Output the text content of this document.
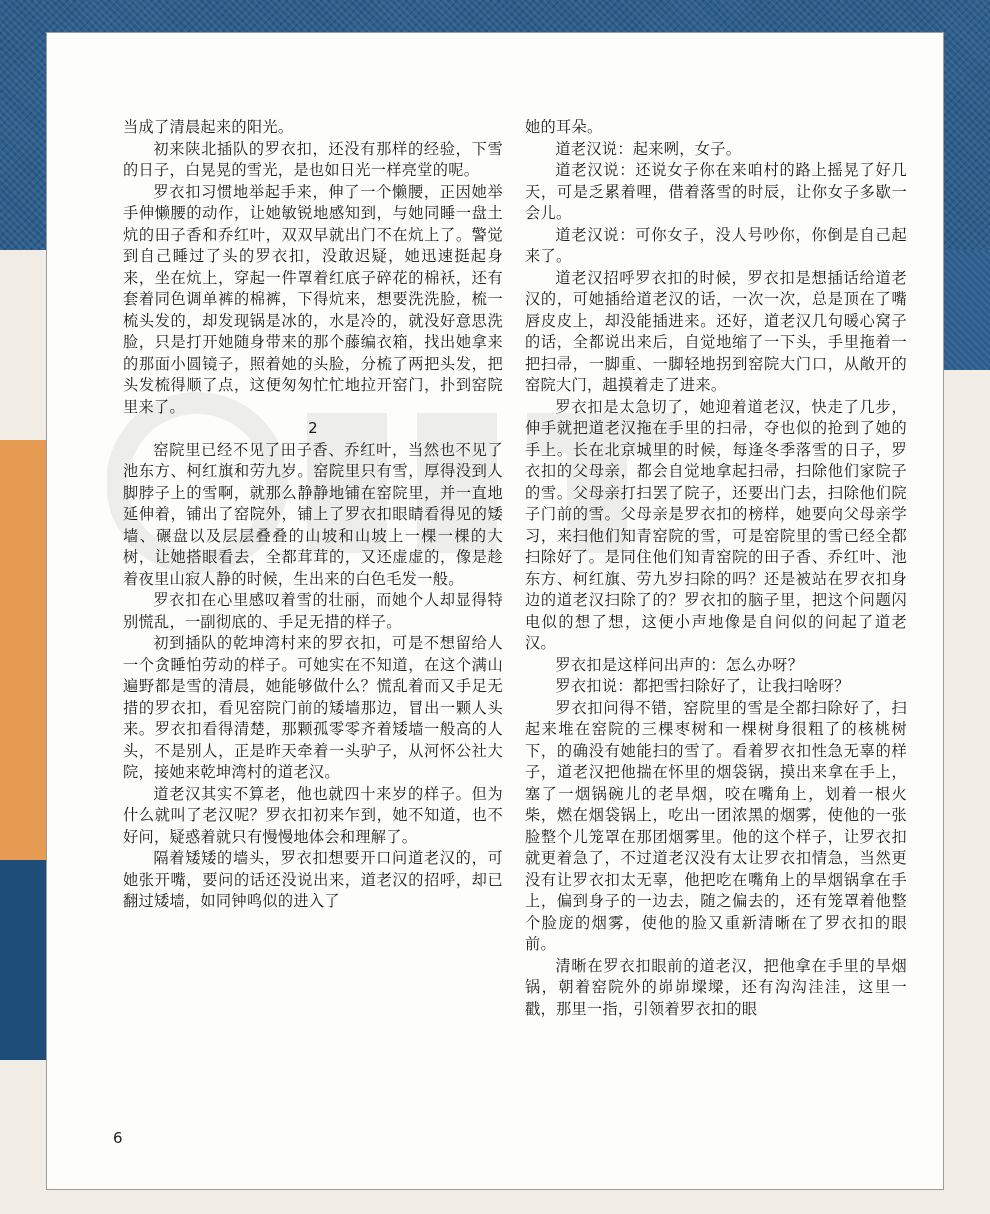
当成了清晨起来的阳光。

初来陕北插队的罗衣扣，还没有那样的经验，下雪的日子，白晃晃的雪光，是也如日光一样亮堂的呢。

罗衣扣习惯地举起手来，伸了一个懒腰，正因她举手伸懒腰的动作，让她敏锐地感知到，与她同睡一盘土炕的田子香和乔红叶，双双早就出门不在炕上了。警觉到自己睡过了头的罗衣扣，没敢迟疑，她迅速挺起身来，坐在炕上，穿起一件罩着红底子碎花的棉袄，还有套着同色调单裤的棉裤，下得炕来，想要洗洗脸，梳一梳头发的，却发现锅是冰的，水是冷的，就没好意思洗脸，只是打开她随身带来的那个藤编衣箱，找出她拿来的那面小圆镜子，照着她的头脸，分梳了两把头发，把头发梳得顺了点，这便匆匆忙忙地拉开窑门，扑到窑院里来了。

2

窑院里已经不见了田子香、乔红叶，当然也不见了池东方、柯红旗和劳九岁。窑院里只有雪，厚得没到人脚脖子上的雪啊，就那么静静地铺在窑院里，并一直地延伸着，铺出了窑院外，铺上了罗衣扣眼睛看得见的矮墙、碾盘以及层层叠叠的山坡和山坡上一棵一棵的大树，让她搭眼看去，全都茸茸的，又还虚虚的，像是趁着夜里山寂人静的时候，生出来的白色毛发一般。

罗衣扣在心里感叹着雪的壮丽，而她个人却显得特别慌乱，一副彻底的、手足无措的样子。

初到插队的乾坤湾村来的罗衣扣，可是不想留给人一个贪睡怕劳动的样子。可她实在不知道，在这个满山遍野都是雪的清晨，她能够做什么？慌乱着而又手足无措的罗衣扣，看见窑院门前的矮墙那边，冒出一颗人头来。罗衣扣看得清楚，那颗孤零零齐着矮墙一般高的人头，不是别人，正是昨天牵着一头驴子，从河怀公社大院，接她来乾坤湾村的道老汉。

道老汉其实不算老，他也就四十来岁的样子。但为什么就叫了老汉呢？罗衣扣初来乍到，她不知道，也不好问，疑惑着就只有慢慢地体会和理解了。

隔着矮矮的墙头，罗衣扣想要开口问道老汉的，可她张开嘴，要问的话还没说出来，道老汉的招呼，却已翻过矮墙，如同钟鸣似的进入了

她的耳朵。

道老汉说：起来咧，女子。

道老汉说：还说女子你在来咱村的路上摇晃了好几天，可是乏累着哩，借着落雪的时辰，让你女子多歇一会儿。

道老汉说：可你女子，没人号吵你，你倒是自己起来了。

道老汉招呼罗衣扣的时候，罗衣扣是想插话给道老汉的，可她插给道老汉的话，一次一次，总是顶在了嘴唇皮皮上，却没能插进来。还好，道老汉几句暖心窝子的话，全都说出来后，自觉地缩了一下头，手里拖着一把扫帚，一脚重、一脚轻地拐到窑院大门口，从敞开的窑院大门，趄摸着走了进来。

罗衣扣是太急切了，她迎着道老汉，快走了几步，伸手就把道老汉拖在手里的扫帚，夺也似的抢到了她的手上。长在北京城里的时候，每逢冬季落雪的日子，罗衣扣的父母亲，都会自觉地拿起扫帚，扫除他们家院子的雪。父母亲打扫罢了院子，还要出门去，扫除他们院子门前的雪。父母亲是罗衣扣的榜样，她要向父母亲学习，来扫他们知青窑院的雪，可是窑院里的雪已经全都扫除好了。是同住他们知青窑院的田子香、乔红叶、池东方、柯红旗、劳九岁扫除的吗？还是被站在罗衣扣身边的道老汉扫除了的？罗衣扣的脑子里，把这个问题闪电似的想了想，这便小声地像是自问似的问起了道老汉。

罗衣扣是这样问出声的：怎么办呀？

罗衣扣说：都把雪扫除好了，让我扫啥呀？

罗衣扣问得不错，窑院里的雪是全都扫除好了，扫起来堆在窑院的三棵枣树和一棵树身很粗了的核桃树下，的确没有她能扫的雪了。看着罗衣扣性急无辜的样子，道老汉把他揣在怀里的烟袋锅，摸出来拿在手上，塞了一烟锅碗儿的老旱烟，咬在嘴角上，划着一根火柴，燃在烟袋锅上，吃出一团浓黑的烟雾，使他的一张脸整个儿笼罩在那团烟雾里。他的这个样子，让罗衣扣就更着急了，不过道老汉没有太让罗衣扣情急，当然更没有让罗衣扣太无辜，他把吃在嘴角上的旱烟锅拿在手上，偏到身子的一边去，随之偏去的，还有笼罩着他整个脸庞的烟雾，使他的脸又重新清晰在了罗衣扣的眼前。

清晰在罗衣扣眼前的道老汉，把他拿在手里的旱烟锅，朝着窑院外的峁峁墚墚，还有沟沟洼洼，这里一戳，那里一指，引领着罗衣扣的眼

6
